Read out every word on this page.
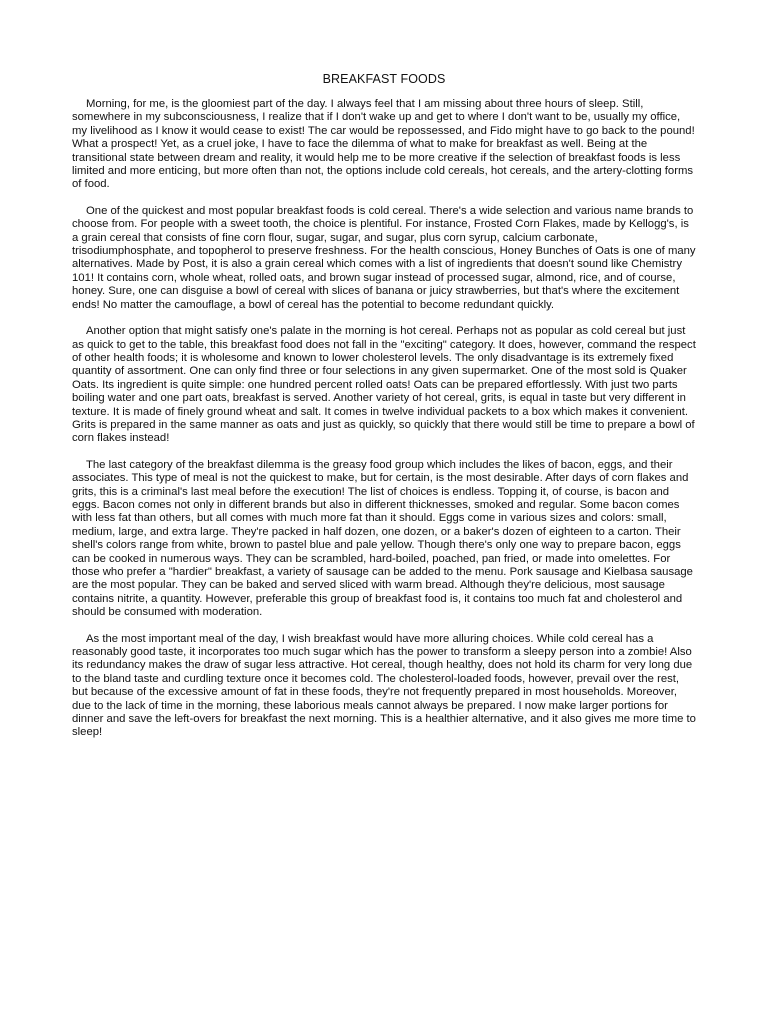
BREAKFAST FOODS

Morning, for me, is the gloomiest part of the day. I always feel that I am missing about three hours of sleep. Still, somewhere in my subconsciousness, I realize that if I don't wake up and get to where I don't want to be, usually my office, my livelihood as I know it would cease to exist! The car would be repossessed, and Fido might have to go back to the pound! What a prospect! Yet, as a cruel joke, I have to face the dilemma of what to make for breakfast as well. Being at the transitional state between dream and reality, it would help me to be more creative if the selection of breakfast foods is less limited and more enticing, but more often than not, the options include cold cereals, hot cereals, and the artery-clotting forms of food.

One of the quickest and most popular breakfast foods is cold cereal. There's a wide selection and various name brands to choose from. For people with a sweet tooth, the choice is plentiful. For instance, Frosted Corn Flakes, made by Kellogg's, is a grain cereal that consists of fine corn flour, sugar, sugar, and sugar, plus corn syrup, calcium carbonate, trisodiumphosphate, and topopherol to preserve freshness. For the health conscious, Honey Bunches of Oats is one of many alternatives. Made by Post, it is also a grain cereal which comes with a list of ingredients that doesn't sound like Chemistry 101! It contains corn, whole wheat, rolled oats, and brown sugar instead of processed sugar, almond, rice, and of course, honey. Sure, one can disguise a bowl of cereal with slices of banana or juicy strawberries, but that's where the excitement ends! No matter the camouflage, a bowl of cereal has the potential to become redundant quickly.

Another option that might satisfy one's palate in the morning is hot cereal. Perhaps not as popular as cold cereal but just as quick to get to the table, this breakfast food does not fall in the "exciting" category. It does, however, command the respect of other health foods; it is wholesome and known to lower cholesterol levels. The only disadvantage is its extremely fixed quantity of assortment. One can only find three or four selections in any given supermarket. One of the most sold is Quaker Oats. Its ingredient is quite simple: one hundred percent rolled oats! Oats can be prepared effortlessly. With just two parts boiling water and one part oats, breakfast is served. Another variety of hot cereal, grits, is equal in taste but very different in texture. It is made of finely ground wheat and salt. It comes in twelve individual packets to a box which makes it convenient. Grits is prepared in the same manner as oats and just as quickly, so quickly that there would still be time to prepare a bowl of corn flakes instead!

The last category of the breakfast dilemma is the greasy food group which includes the likes of bacon, eggs, and their associates. This type of meal is not the quickest to make, but for certain, is the most desirable. After days of corn flakes and grits, this is a criminal's last meal before the execution! The list of choices is endless. Topping it, of course, is bacon and eggs. Bacon comes not only in different brands but also in different thicknesses, smoked and regular. Some bacon comes with less fat than others, but all comes with much more fat than it should. Eggs come in various sizes and colors: small, medium, large, and extra large. They're packed in half dozen, one dozen, or a baker's dozen of eighteen to a carton. Their shell's colors range from white, brown to pastel blue and pale yellow. Though there's only one way to prepare bacon, eggs can be cooked in numerous ways. They can be scrambled, hard-boiled, poached, pan fried, or made into omelettes. For those who prefer a "hardier" breakfast, a variety of sausage can be added to the menu. Pork sausage and Kielbasa sausage are the most popular. They can be baked and served sliced with warm bread. Although they're delicious, most sausage contains nitrite, a quantity. However, preferable this group of breakfast food is, it contains too much fat and cholesterol and should be consumed with moderation.

As the most important meal of the day, I wish breakfast would have more alluring choices. While cold cereal has a reasonably good taste, it incorporates too much sugar which has the power to transform a sleepy person into a zombie! Also its redundancy makes the draw of sugar less attractive. Hot cereal, though healthy, does not hold its charm for very long due to the bland taste and curdling texture once it becomes cold. The cholesterol-loaded foods, however, prevail over the rest, but because of the excessive amount of fat in these foods, they're not frequently prepared in most households. Moreover, due to the lack of time in the morning, these laborious meals cannot always be prepared. I now make larger portions for dinner and save the left-overs for breakfast the next morning. This is a healthier alternative, and it also gives me more time to sleep!
